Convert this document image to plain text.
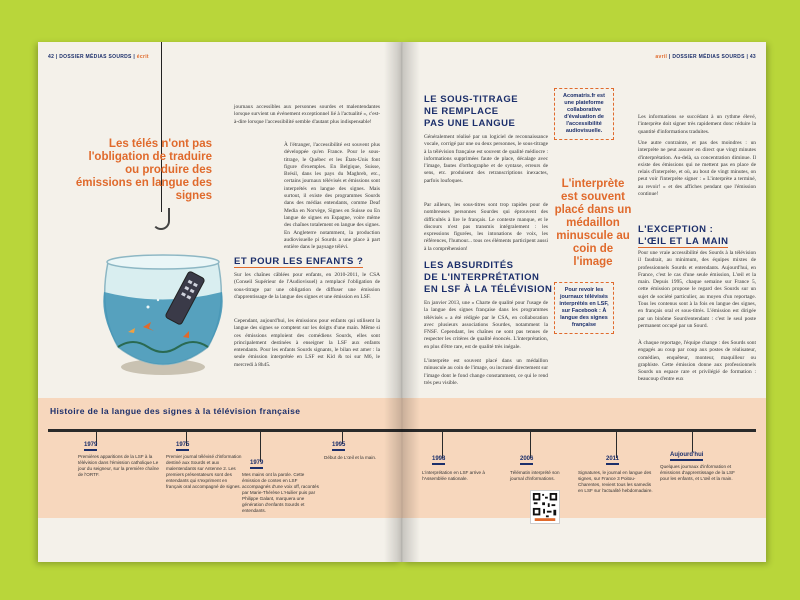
42 | DOSSIER MÉDIAS SOURDS | écrit
Les télés n'ont pas l'obligation de traduire ou produire des émissions en langue des signes
journaux accessibles aux personnes sourdes et malentendantes lorsque survient un événement exceptionnel lié à l'actualité », c'est-à-dire lorsque l'accessibilité semble d'autant plus indispensable!
À l'étranger, l'accessibilité est souvent plus développée qu'en France. Pour le sous-titrage, le Québec et les États-Unis font figure d'exemples. En Belgique, Suisse, Brésil, dans les pays du Maghreb, etc., certains journaux télévisés et émissions sont interprétés en langue des signes. Mais surtout, il existe des programmes Sourds dans des médias entendants, comme Deaf Media en Norvège, Signes en Suisse ou En langue de signes en Espagne, voire même des chaînes totalement en langue des signes. En Angleterre notamment, la production audiovisuelle pi Sourds a une place à part entière dans le paysage télévi.
ET POUR LES ENFANTS ?
Sur les chaînes câblées pour enfants, en 2010-2011, le CSA (Conseil Supérieur de l'Audiovisuel) a remplacé l'obligation de sous-titrage par une obligation de diffuser une émission d'apprentissage de la langue des signes et une émission en LSF.
Cependant, aujourd'hui, les émissions pour enfants qui utilisent la langue des signes se comptent sur les doigts d'une main. Même si ces émissions emploient des comédiens Sourds, elles sont principalement destinées à enseigner la LSF aux enfants entendants. Pour les enfants Sourds signants, le bilan est amer : la seule émission interprétée en LSF est Kid & toi sur M6, le mercredi à 8h45.
avril | DOSSIER MÉDIAS SOURDS | 43
LE SOUS-TITRAGE
NE REMPLACE
PAS UNE LANGUE
Généralement réalisé par un logiciel de reconnaissance vocale, corrigé par une ou deux personnes, le sous-titrage à la télévision française est souvent de qualité médiocre : informations supprimées faute de place, décalage avec l'image, fautes d'orthographe et de syntaxe, erreurs de sens, etc. produisent des retranscriptions inexactes, parfois loufoques.
Par ailleurs, les sous-titres sont trop rapides pour de nombreuses personnes Sourdes qui éprouvent des difficultés à lire le français. Le contexte manque, et le discours n'est pas transmis intégralement : les expressions figurées, les intonations de voix, les références, l'humour... tous ces éléments participent aussi à la compréhension!
LES ABSURDITÉS
DE L'INTERPRÉTATION
EN LSF À LA TÉLÉVISION
En janvier 2013, une « Charte de qualité pour l'usage de la langue des signes française dans les programmes télévisés » a été rédigée par le CSA, en collaboration avec plusieurs associations Sourdes, notamment la FNSF. Cependant, les chaînes ne sont pas tenues de respecter les critères de qualité énoncés. L'interprétation, en plus d'être rare, est de qualité très inégale.
L'interprète est souvent placé dans un médaillon minuscule au coin de l'image, ou incrusté directement sur l'image dont le fond change constamment, ce qui le rend très peu visible.
Acomatris.fr est une plateforme collaborative d'évaluation de l'accessibilité audiovisuelle.
L'interprète est souvent placé dans un médaillon minuscule au coin de l'image
Pour revoir les journaux télévisés interprétés en LSF, sur Facebook : À langue des signes française
Les informations se succédant à un rythme élevé, l'interprète doit signer très rapidement donc réduire la quantité d'informations traduites.
Une autre contrainte, et pas des moindres : un interprète ne peut assurer en direct que vingt minutes d'interprétation. Au-delà, sa concentration diminue. Il existe des émissions qui ne mettent pas en place de relais d'interprète, et où, au bout de vingt minutes, on peut voir l'interprète signer : « L'interprète a terminé, au revoir! » et des affiches pendant que l'émission continue!
L'EXCEPTION :
L'ŒIL ET LA MAIN
Pour une vraie accessibilité des Sourds à la télévision il faudrait, au minimum, des équipes mixtes de professionnels Sourds et entendants. Aujourd'hui, en France, c'est le cas d'une seule émission, L'œil et la main. Depuis 1995, chaque semaine sur France 5, cette émission propose le regard des Sourds sur un sujet de société particulier, au moyen d'un reportage. Tous les contenus sont à la fois en langue des signes, en français oral et sous-titrés. L'émission est dirigée par un binôme Sourd/entendant : c'est le seul poste permanent occupé par un Sourd.
À chaque reportage, l'équipe change : des Sourds sont engagés au coup par coup aux postes de réalisateur, comédien, enquêteur, monteur, maquilleur ou graphiste. Cette émission donne aux professionnels Sourds un espace rare et privilégié de formation : beaucoup d'entre eux
Histoire de la langue des signes à la télévision française
1979
Premières apparitions de la LSF à la télévision dans l'émission catholique Le jour du seigneur, sur la première chaîne de l'ORTF.
1975
Premier journal télévisé d'information destiné aux Sourds et aux malentendants sur Antenne 2. Les premiers présentateurs sont des entendants qui s'expriment en français oral accompagné de signes.
1979
Mes mains ont la parole. Cette émission de contes en LSF accompagnés d'une voix off, racontés par Marie-Thérèse L'Huilier puis par Philippe Galant, marquera une génération d'enfants Sourds et entendants.
1995
Début de L'œil et la main.	1998
L'interprétation en LSF arrive à l'Assemblée nationale.
2006
Télématin interprété son journal d'informations.
2011
Signatures, le journal en langue des signes, sur France 3 Poitou-Charentes, revient tous les samedis en LSF sur l'actualité hebdomadaire.
Aujourd'hui
Quelques journaux d'information et émissions d'apprentissage de la LSF pour les enfants, et L'œil et la main.
